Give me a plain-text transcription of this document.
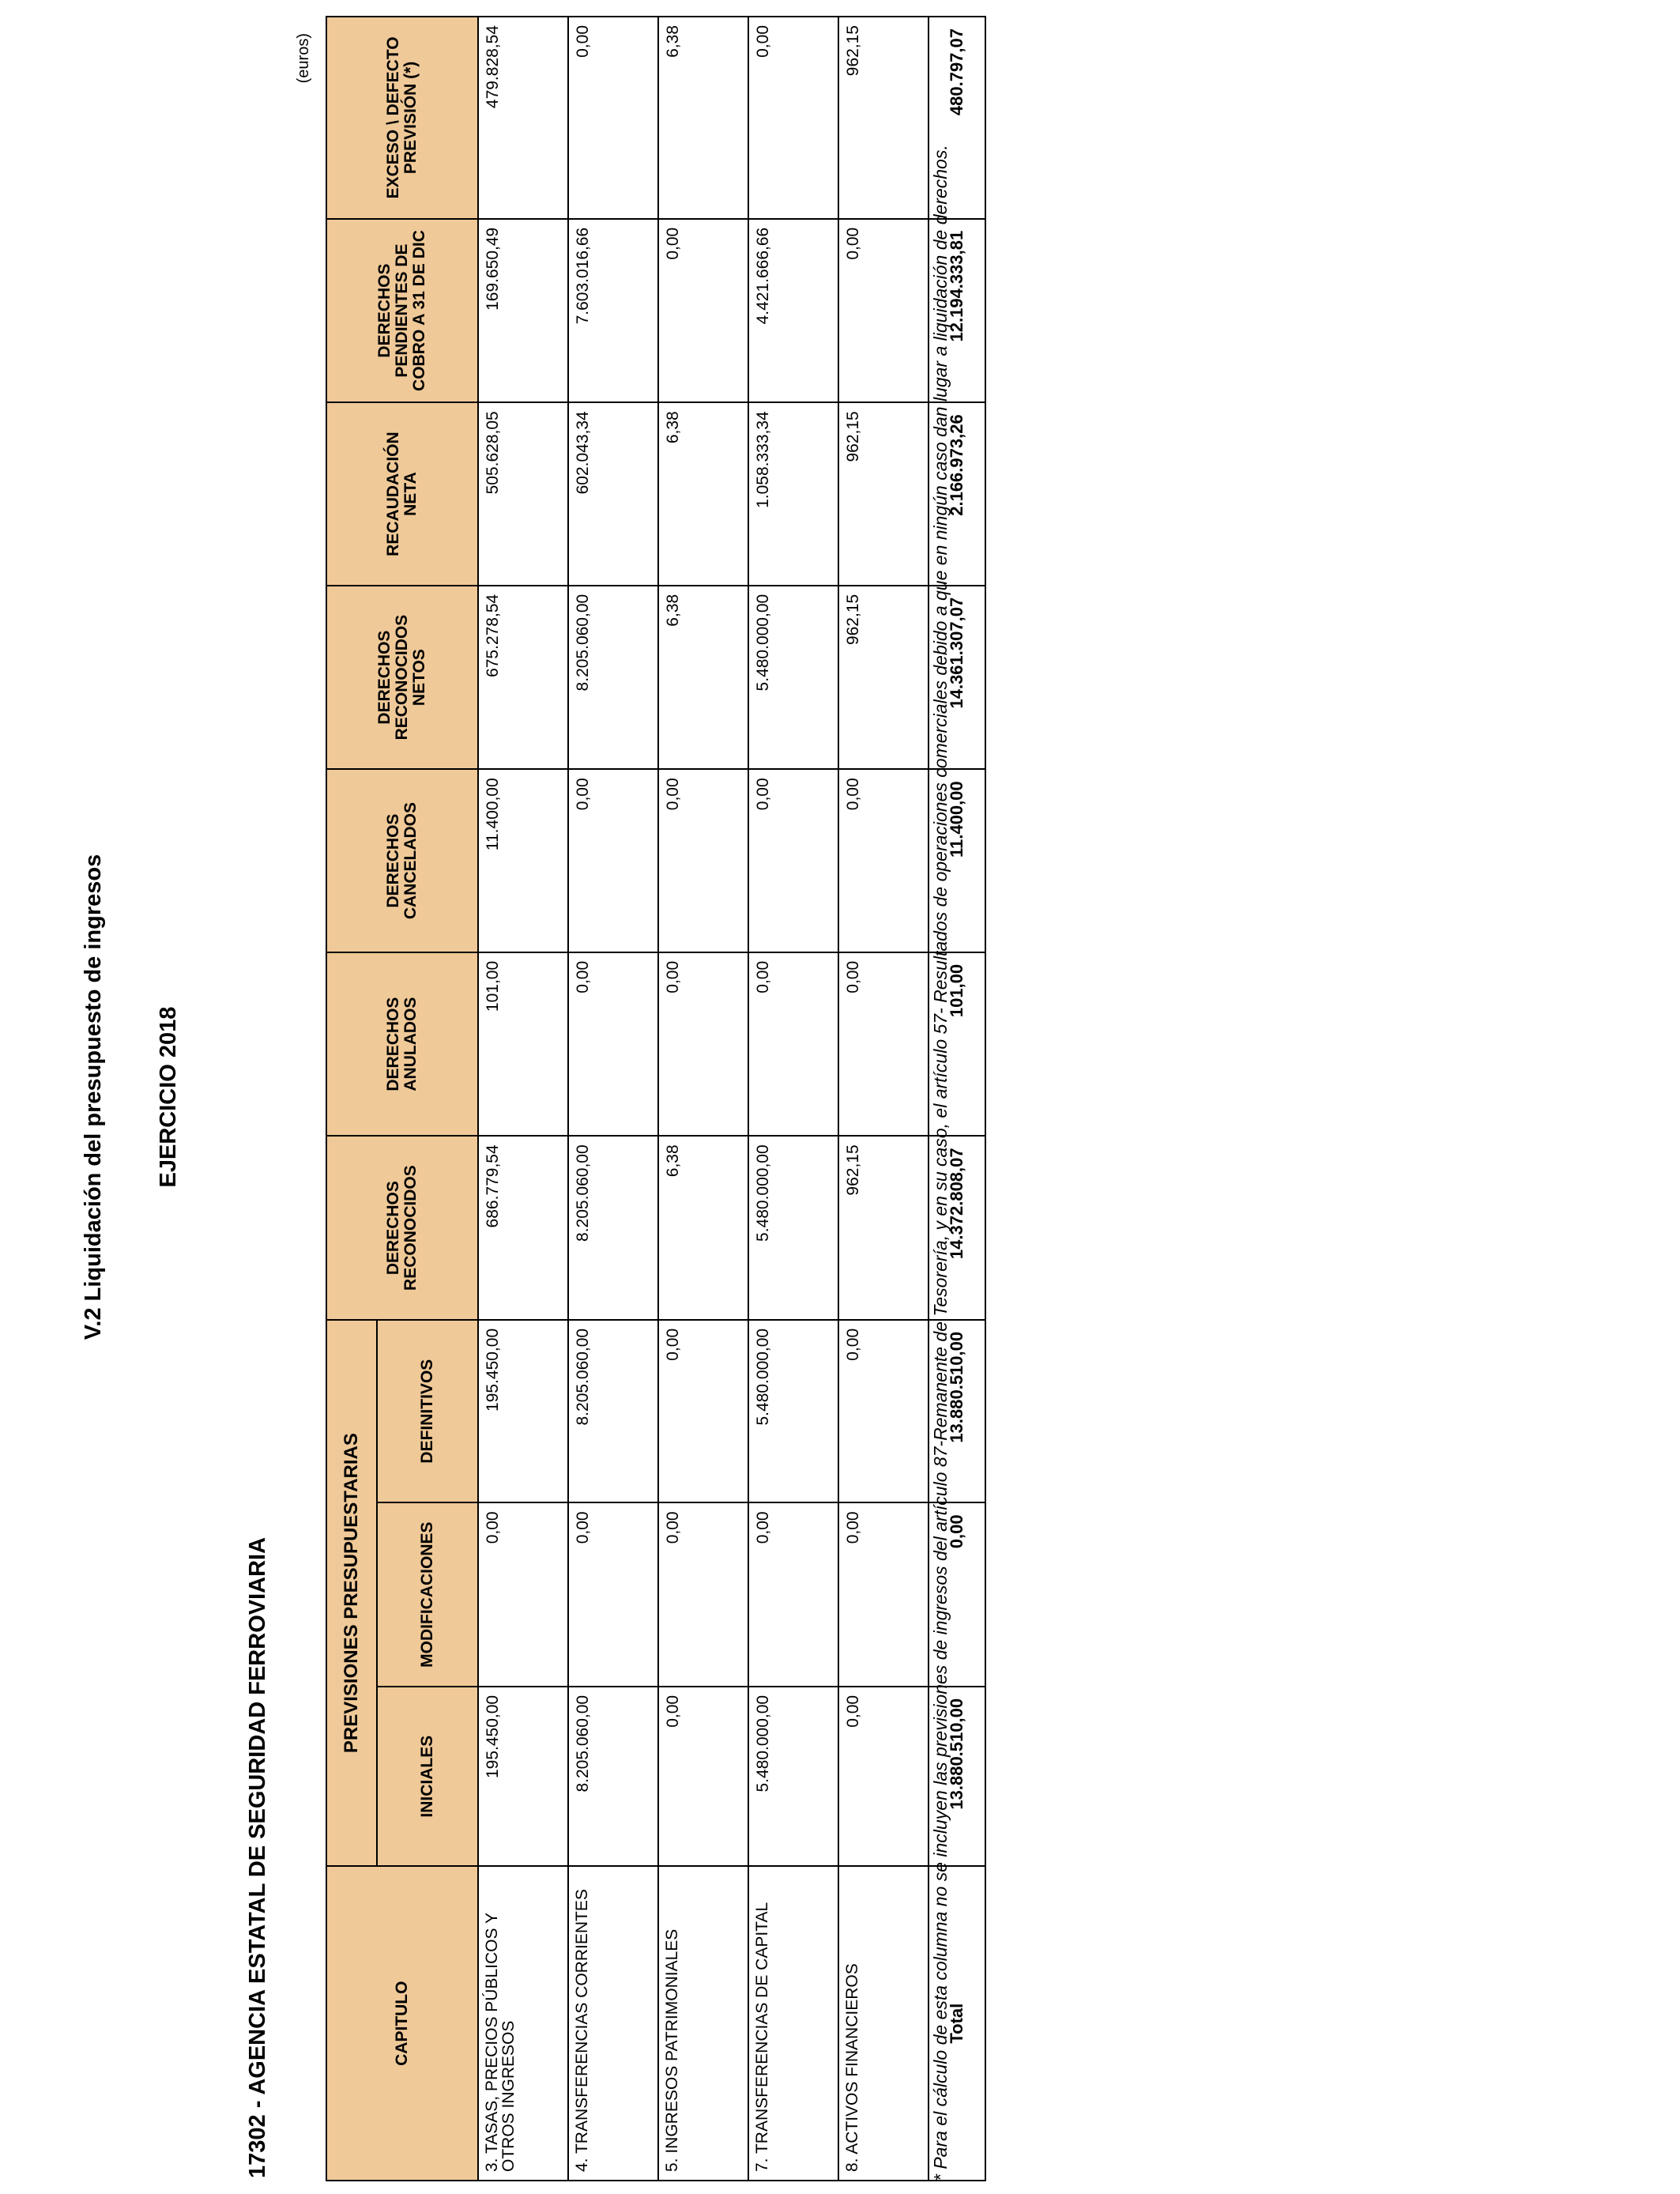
V.2 Liquidación del presupuesto de ingresos EJERCICIO 2018
17302 - AGENCIA ESTATAL DE SEGURIDAD FERROVIARIA
(euros)
CAPITULO	PREVISIONES PRESUPUESTARIAS			DERECHOS RECONOCIDOS	DERECHOS ANULADOS	DERECHOS CANCELADOS	DERECHOS RECONOCIDOS NETOS	RECAUDACIÓN NETA	DERECHOS PENDIENTES DE COBRO A 31 DE DIC	EXCESO \ DEFECTO PREVISIÓN (*)
	INICIALES	MODIFICACIONES	DEFINITIVOS							
3. TASAS, PRECIOS PÚBLICOS Y OTROS INGRESOS	195.450,00	0,00	195.450,00	686.779,54	101,00	11.400,00	675.278,54	505.628,05	169.650,49	479.828,54
4. TRANSFERENCIAS CORRIENTES	8.205.060,00	0,00	8.205.060,00	8.205.060,00	0,00	0,00	8.205.060,00	602.043,34	7.603.016,66	0,00
5. INGRESOS PATRIMONIALES	0,00	0,00	0,00	6,38	0,00	0,00	6,38	6,38	0,00	6,38
7. TRANSFERENCIAS DE CAPITAL	5.480.000,00	0,00	5.480.000,00	5.480.000,00	0,00	0,00	5.480.000,00	1.058.333,34	4.421.666,66	0,00
8. ACTIVOS FINANCIEROS	0,00	0,00	0,00	962,15	0,00	0,00	962,15	962,15	0,00	962,15
Total	13.880.510,00	0,00	13.880.510,00	14.372.808,07	101,00	11.400,00	14.361.307,07	2.166.973,26	12.194.333,81	480.797,07
* Para el cálculo de esta columna no se incluyen las previsiones de ingresos del artículo 87-Remanente de Tesorería, y en su caso, el artículo 57- Resultados de operaciones comerciales debido a que en ningún caso dan lugar a liquidación de derechos.
